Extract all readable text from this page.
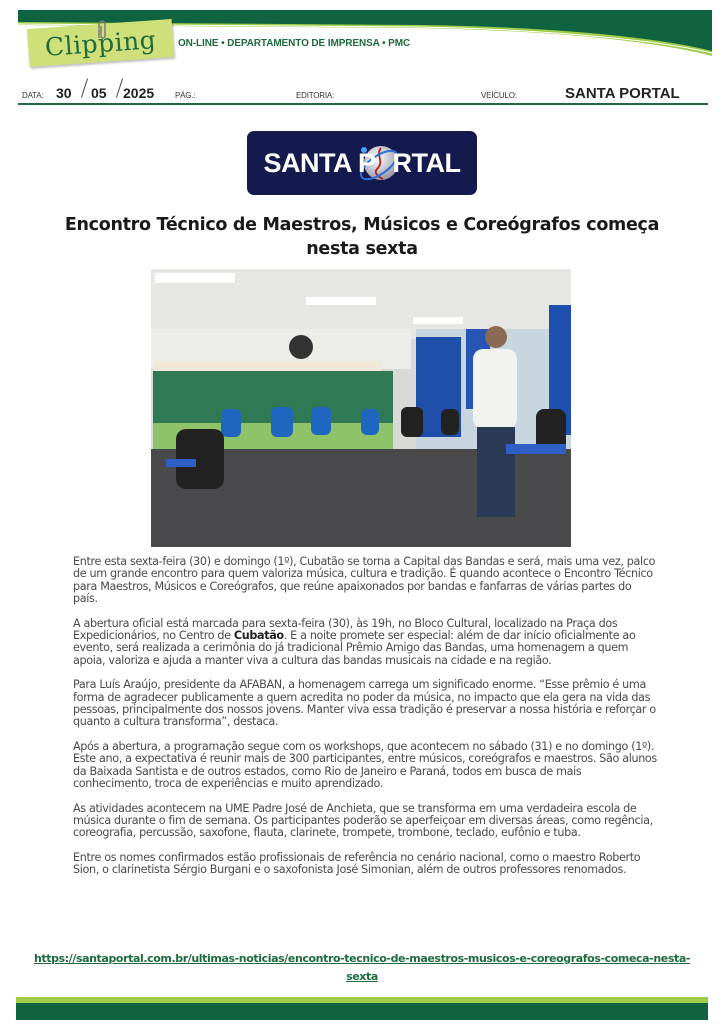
Clipping ON-LINE • DEPARTAMENTO DE IMPRENSA • PMC
DATA: 30 05 2025	PÁG.:	EDITORIA:	VEÍCULO:	SANTA PORTAL
SANTA P RTAL
Encontro Técnico de Maestros, Músicos e Coreógrafos começa nesta sexta

Entre esta sexta-feira (30) e domingo (1º), Cubatão se torna a Capital das Bandas e será, mais uma vez, palco de um grande encontro para quem valoriza música, cultura e tradição. É quando acontece o Encontro Técnico para Maestros, Músicos e Coreógrafos, que reúne apaixonados por bandas e fanfarras de várias partes do país.

A abertura oficial está marcada para sexta-feira (30), às 19h, no Bloco Cultural, localizado na Praça dos Expedicionários, no Centro de Cubatão. E a noite promete ser especial: além de dar início oficialmente ao evento, será realizada a cerimônia do já tradicional Prêmio Amigo das Bandas, uma homenagem a quem apoia, valoriza e ajuda a manter viva a cultura das bandas musicais na cidade e na região.

Para Luís Araújo, presidente da AFABAN, a homenagem carrega um significado enorme. “Esse prêmio é uma forma de agradecer publicamente a quem acredita no poder da música, no impacto que ela gera na vida das pessoas, principalmente dos nossos jovens. Manter viva essa tradição é preservar a nossa história e reforçar o quanto a cultura transforma”, destaca.

Após a abertura, a programação segue com os workshops, que acontecem no sábado (31) e no domingo (1º). Este ano, a expectativa é reunir mais de 300 participantes, entre músicos, coreógrafos e maestros. São alunos da Baixada Santista e de outros estados, como Rio de Janeiro e Paraná, todos em busca de mais conhecimento, troca de experiências e muito aprendizado.

As atividades acontecem na UME Padre José de Anchieta, que se transforma em uma verdadeira escola de música durante o fim de semana. Os participantes poderão se aperfeiçoar em diversas áreas, como regência, coreografia, percussão, saxofone, flauta, clarinete, trompete, trombone, teclado, eufônio e tuba.

Entre os nomes confirmados estão profissionais de referência no cenário nacional, como o maestro Roberto Sion, o clarinetista Sérgio Burgani e o saxofonista José Simonian, além de outros professores renomados.

https://santaportal.com.br/ultimas-noticias/encontro-tecnico-de-maestros-musicos-e-coreografos-comeca-nesta-sexta
